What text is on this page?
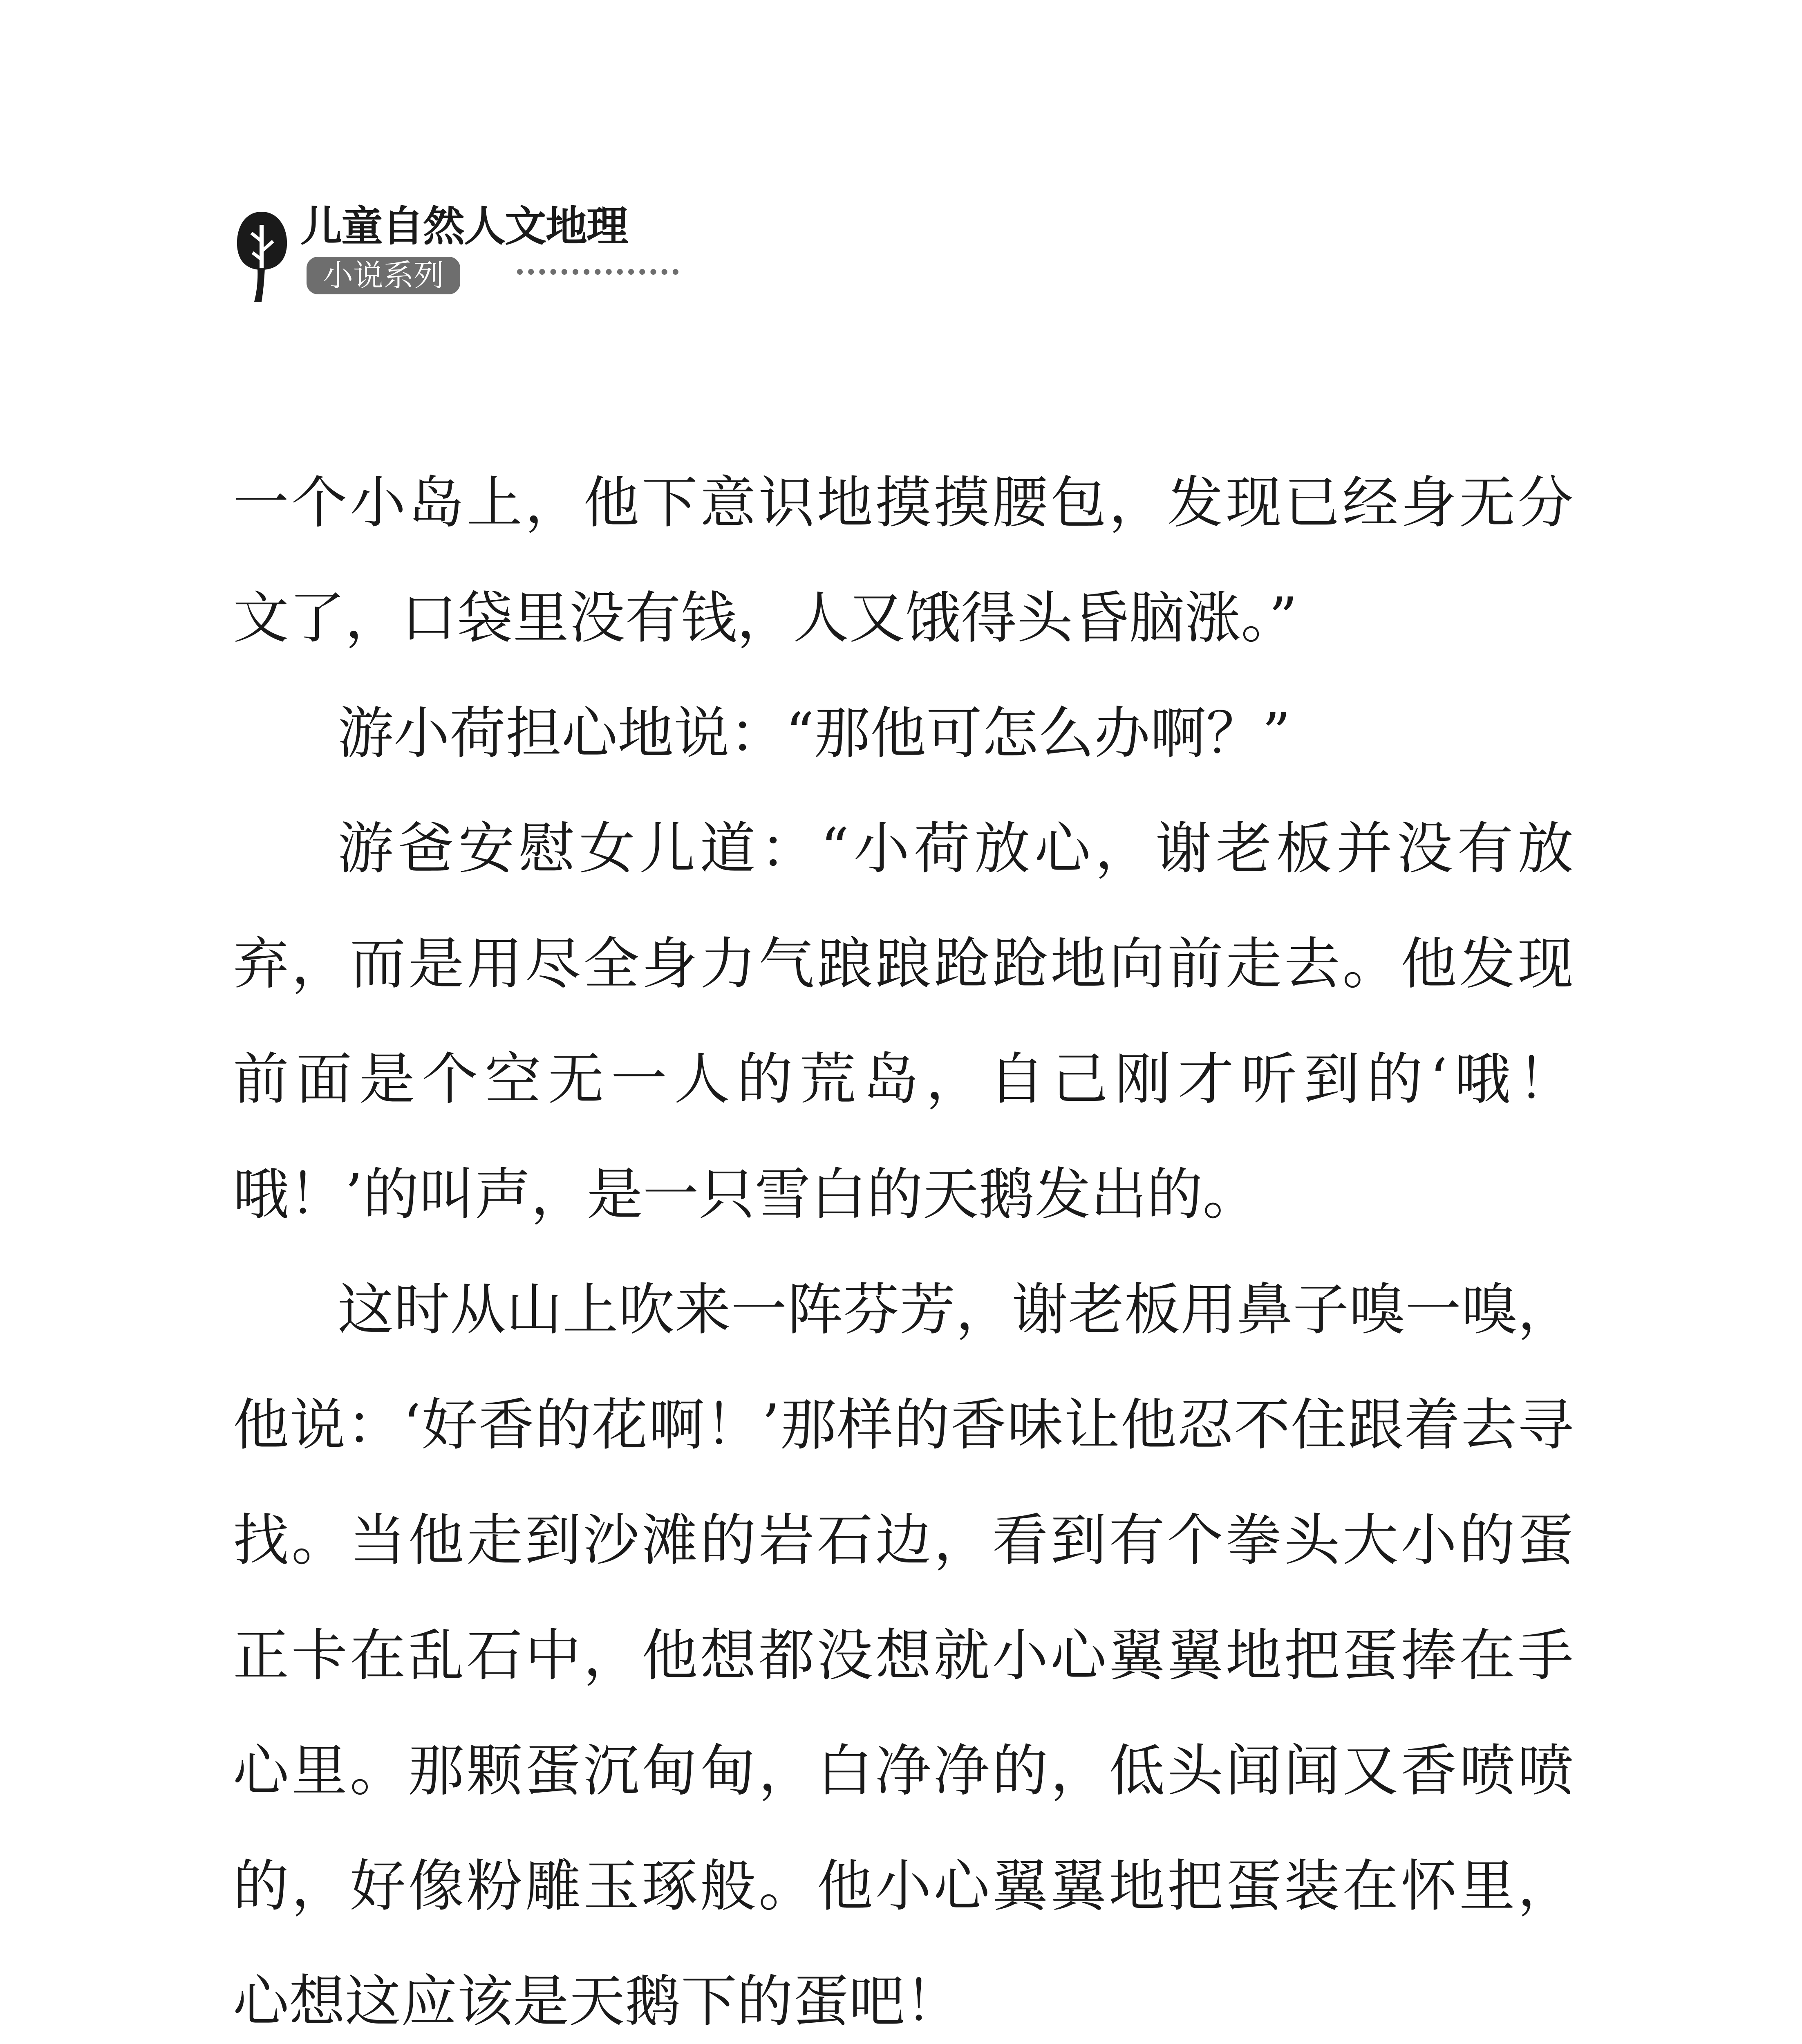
儿童自然人文地理
小说系列

一个小岛上，他下意识地摸摸腰包，发现已经身无分文了，口袋里没有钱，人又饿得头昏脑涨。”

游小荷担心地说：“那他可怎么办啊？”

游爸安慰女儿道：“小荷放心，谢老板并没有放弃，而是用尽全身力气踉踉跄跄地向前走去。他发现前面是个空无一人的荒岛，自己刚才听到的‘哦！哦！’的叫声，是一只雪白的天鹅发出的。

这时从山上吹来一阵芬芳，谢老板用鼻子嗅一嗅，他说：‘好香的花啊！’那样的香味让他忍不住跟着去寻找。当他走到沙滩的岩石边，看到有个拳头大小的蛋正卡在乱石中，他想都没想就小心翼翼地把蛋捧在手心里。那颗蛋沉甸甸，白净净的，低头闻闻又香喷喷的，好像粉雕玉琢般。他小心翼翼地把蛋装在怀里，心想这应该是天鹅下的蛋吧！
